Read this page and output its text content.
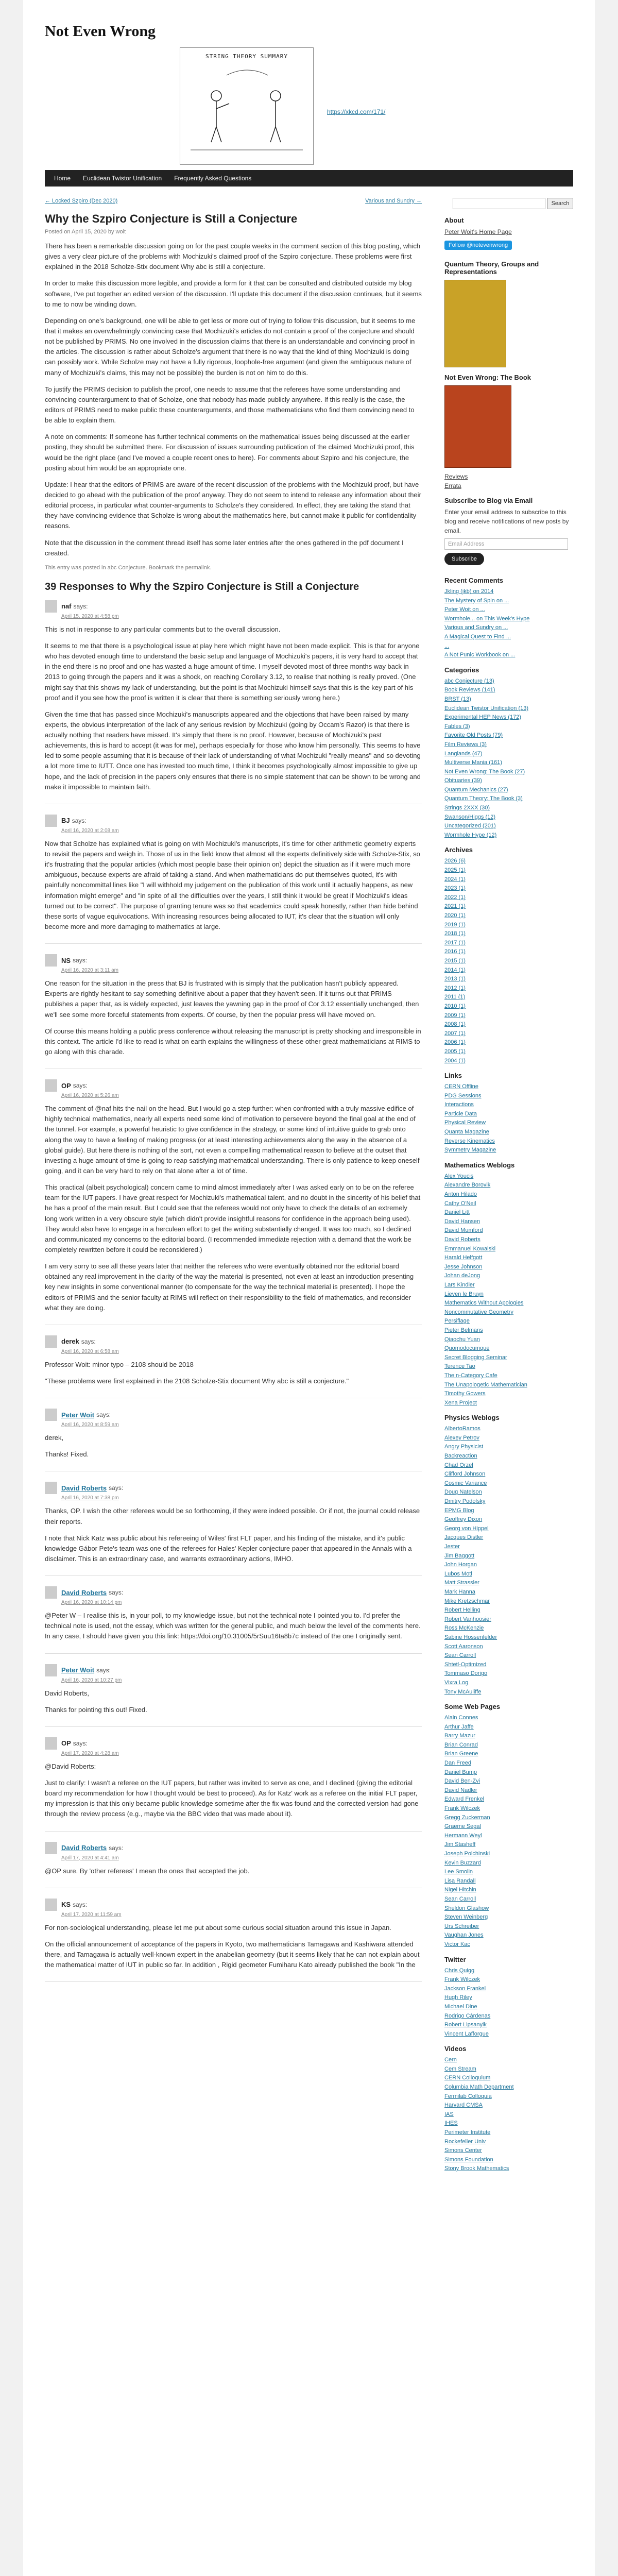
Not Even Wrong
STRING THEORY SUMMARY
https://xkcd.com/171/
Home	Euclidean Twistor Unification	Frequently Asked Questions
← Locked Szpiro (Dec 2020)	Various and Sundry →
Why the Szpiro Conjecture is Still a Conjecture
Posted on April 15, 2020 by woit

There has been a remarkable discussion going on for the past couple weeks in the comment section of this blog posting, which gives a very clear picture of the problems with Mochizuki's claimed proof of the Szpiro conjecture. These problems were first explained in the 2018 Scholze-Stix document Why abc is still a conjecture.

In order to make this discussion more legible, and provide a form for it that can be consulted and distributed outside my blog software, I've put together an edited version of the discussion. I'll update this document if the discussion continues, but it seems to me to now be winding down.

Depending on one's background, one will be able to get less or more out of trying to follow this discussion, but it seems to me that it makes an overwhelmingly convincing case that Mochizuki's articles do not contain a proof of the conjecture and should not be published by PRIMS. No one involved in the discussion claims that there is an understandable and convincing proof in the articles. The discussion is rather about Scholze's argument that there is no way that the kind of thing Mochizuki is doing can possibly work. While Scholze may not have a fully rigorous, loophole-free argument (and given the ambiguous nature of many of Mochizuki's claims, this may not be possible) the burden is not on him to do this.

To justify the PRIMS decision to publish the proof, one needs to assume that the referees have some understanding and convincing counterargument to that of Scholze, one that nobody has made publicly anywhere. If this really is the case, the editors of PRIMS need to make public these counterarguments, and those mathematicians who find them convincing need to be able to explain them.

A note on comments: If someone has further technical comments on the mathematical issues being discussed at the earlier posting, they should be submitted there. For discussion of issues surrounding publication of the claimed Mochizuki proof, this would be the right place (and I've moved a couple recent ones to here). For comments about Szpiro and his conjecture, the posting about him would be an appropriate one.

Update: I hear that the editors of PRIMS are aware of the recent discussion of the problems with the Mochizuki proof, but have decided to go ahead with the publication of the proof anyway. They do not seem to intend to release any information about their editorial process, in particular what counter-arguments to Scholze's they considered. In effect, they are taking the stand that they have convincing evidence that Scholze is wrong about the mathematics here, but cannot make it public for confidentiality reasons.

Note that the discussion in the comment thread itself has some later entries after the ones gathered in the pdf document I created.

This entry was posted in abc Conjecture. Bookmark the permalink.
39 Responses to Why the Szpiro Conjecture is Still a Conjecture
naf says:
April 15, 2020 at 4:58 pm

This is not in response to any particular comments but to the overall discussion.

It seems to me that there is a psychological issue at play here which might have not been made explicit. This is that for anyone who has devoted enough time to understand the basic setup and language of Mochizuki's papers, it is very hard to accept that in the end there is no proof and one has wasted a huge amount of time. I myself devoted most of three months way back in 2013 to going through the papers and it was a shock, on reaching Corollary 3.12, to realise that nothing is really proved. (One might say that this shows my lack of understanding, but the point is that Mochizuki himself says that this is the key part of his proof and if you see how the proof is written it is clear that there is something seriously wrong here.)

Given the time that has passed since Mochizuki's manuscripts appeared and the objections that have been raised by many experts, the obvious interpretation of the lack of any serious revision by Mochizuki (going by Occam's Razor) is that there is actually nothing that readers have missed. It's simply that there is no proof. However, because of Mochizuki's past achievements, this is hard to accept (it was for me), perhaps especially for those who know him personally. This seems to have led to some people assuming that it is because of their lack of understanding of what Mochizuki "really means" and so devoting a lot more time to IUTT. Once one has invested too much time, I think it becomes psychologically almost impossible to give up hope, and the lack of precision in the papers only ensures that there is no simple statement that can be shown to be wrong and make it impossible to maintain faith.

BJ says:
April 16, 2020 at 2:08 am

Now that Scholze has explained what is going on with Mochizuki's manuscripts, it's time for other arithmetic geometry experts to revisit the papers and weigh in. Those of us in the field know that almost all the experts definitively side with Scholze-Stix, so it's frustrating that the popular articles (which most people base their opinion on) depict the situation as if it were much more ambiguous, because experts are afraid of taking a stand. And when mathematicians do put themselves quoted, it's with painfully noncommittal lines like "I will withhold my judgement on the publication of this work until it actually happens, as new information might emerge" and "in spite of all the difficulties over the years, I still think it would be great if Mochizuki's ideas turned out to be correct". The purpose of granting tenure was so that academics could speak honestly, rather than hide behind these sorts of vague equivocations. With increasing resources being allocated to IUT, it's clear that the situation will only become more and more damaging to mathematics at large.

NS says:
April 16, 2020 at 3:11 am

One reason for the situation in the press that BJ is frustrated with is simply that the publication hasn't publicly appeared. Experts are rightly hesitant to say something definitive about a paper that they haven't seen. If it turns out that PRIMS publishes a paper that, as is widely expected, just leaves the yawning gap in the proof of Cor 3.12 essentially unchanged, then we'll see some more forceful statements from experts. Of course, by then the popular press will have moved on.

Of course this means holding a public press conference without releasing the manuscript is pretty shocking and irresponsible in this context. The article I'd like to read is what on earth explains the willingness of these other great mathematicians at RIMS to go along with this charade.

OP says:
April 16, 2020 at 5:26 am

The comment of @naf hits the nail on the head. But I would go a step further: when confronted with a truly massive edifice of highly technical mathematics, nearly all experts need some kind of motivation to persevere beyond the final goal at the end of the tunnel. For example, a powerful heuristic to give confidence in the strategy, or some kind of intuitive guide to grab onto along the way to have a feeling of making progress (or at least interesting achievements along the way in the absence of a global guide). But here there is nothing of the sort, not even a compelling mathematical reason to believe at the outset that investing a huge amount of time is going to reap satisfying mathematical understanding. There is only patience to keep oneself going, and it can be very hard to rely on that alone after a lot of time.

This practical (albeit psychological) concern came to mind almost immediately after I was asked early on to be on the referee team for the IUT papers. I have great respect for Mochizuki's mathematical talent, and no doubt in the sincerity of his belief that he has a proof of the main result. But I could see that the referees would not only have to check the details of an extremely long work written in a very obscure style (which didn't provide insightful reasons for confidence in the approach being used). They would also have to engage in a herculean effort to get the writing substantially changed. It was too much, so I declined and communicated my concerns to the editorial board. (I recommended immediate rejection with a demand that the work be completely rewritten before it could be reconsidered.)

I am very sorry to see all these years later that neither the referees who were eventually obtained nor the editorial board obtained any real improvement in the clarity of the way the material is presented, not even at least an introduction presenting key new insights in some conventional manner (to compensate for the way the technical material is presented). I hope the editors of PRIMS and the senior faculty at RIMS will reflect on their responsibility to the field of mathematics, and reconsider what they are doing.

derek says:
April 16, 2020 at 6:58 am

Professor Woit: minor typo – 2108 should be 2018

"These problems were first explained in the 2108 Scholze-Stix document Why abc is still a conjecture."

Peter Woit says:
April 16, 2020 at 8:59 am

derek,

Thanks! Fixed.

David Roberts says:
April 16, 2020 at 7:38 pm

Thanks, OP. I wish the other referees would be so forthcoming, if they were indeed possible. Or if not, the journal could release their reports.

I note that Nick Katz was public about his refereeing of Wiles' first FLT paper, and his finding of the mistake, and it's public knowledge Gábor Pete's team was one of the referees for Hales' Kepler conjecture paper that appeared in the Annals with a disclaimer. This is an extraordinary case, and warrants extraordinary actions, IMHO.

David Roberts says:
April 16, 2020 at 10:14 pm

@Peter W – I realise this is, in your poll, to my knowledge issue, but not the technical note I pointed you to. I'd prefer the technical note is used, not the essay, which was written for the general public, and much below the level of the comments here. In any case, I should have given you this link: https://doi.org/10.31005/5rSuu16ta8b7c instead of the one I originally sent.

Peter Woit says:
April 16, 2020 at 10:27 pm

David Roberts,

Thanks for pointing this out! Fixed.

OP says:
April 17, 2020 at 4:28 am

@David Roberts:

Just to clarify: I wasn't a referee on the IUT papers, but rather was invited to serve as one, and I declined (giving the editorial board my recommendation for how I thought would be best to proceed). As for Katz' work as a referee on the initial FLT paper, my impression is that this only became public knowledge sometime after the fix was found and the corrected version had gone through the review process (e.g., maybe via the BBC video that was made about it).

David Roberts says:
April 17, 2020 at 4:41 am

@OP sure. By 'other referees' I mean the ones that accepted the job.

KS says:
April 17, 2020 at 11:59 am

For non-sociological understanding, please let me put about some curious social situation around this issue in Japan.

On the official announcement of acceptance of the papers in Kyoto, two mathematicians Tamagawa and Kashiwara attended there, and Tamagawa is actually well-known expert in the anabelian geometry (but it seems likely that he can not explain about the mathematical matter of IUT in public so far. In addition , Rigid geometer Fumiharu Kato already published the book "In the

Search
About
Peter Woit's Home Page
Follow @notevenwrong
Quantum Theory, Groups and Representations
Not Even Wrong: The Book
Reviews
Errata
Subscribe to Blog via Email
Enter your email address to subscribe to this blog and receive notifications of new posts by email.
Email Address
Subscribe
Recent Comments
Jkling (jkb) on 2014
The Mystery of Spin on ...
Peter Woit on ...
Wormhole... on This Week's Hype
Various and Sundry on ...
A Magical Quest to Find ...
...
A Not Punic Workbook on ...
Categories
abc Conjecture (13)
Book Reviews (141)
BRST (13)
Euclidean Twistor Unification (13)
Experimental HEP News (172)
Fables (3)
Favorite Old Posts (79)
Film Reviews (3)
Langlands (47)
Multiverse Mania (161)
Not Even Wrong: The Book (27)
Obituaries (39)
Quantum Mechanics (27)
Quantum Theory: The Book (3)
Strings 2XXX (30)
Swanson/Higgs (12)
Uncategorized (201)
Wormhole Hype (12)
Archives
2026 (6)
2025 (1)
2024 (1)
2023 (1)
2022 (1)
2021 (1)
2020 (1)
2019 (1)
2018 (1)
2017 (1)
2016 (1)
2015 (1)
2014 (1)
2013 (1)
2012 (1)
2011 (1)
2010 (1)
2009 (1)
2008 (1)
2007 (1)
2006 (1)
2005 (1)
2004 (1)
Links
CERN Offline
PDG Sessions
Interactions
Particle Data
Physical Review
Quanta Magazine
Reverse Kinematics
Symmetry Magazine
Mathematics Weblogs
Alex Youcis
Alexandre Borovik
Anton Hilado
Cathy O'Neil
Daniel Litt
David Hansen
David Mumford
David Roberts
Emmanuel Kowalski
Harald Helfgott
Jesse Johnson
Johan deJong
Lars Kindler
Lieven le Bruyn
Mathematics Without Apologies
Noncommutative Geometry
Persiflage
Pieter Belmans
Qiaochu Yuan
Quomodocumque
Secret Blogging Seminar
Terence Tao
The n-Category Cafe
The Unapologetic Mathematician
Timothy Gowers
Xena Project
Physics Weblogs
AlbertoRamos
Alexey Petrov
Angry Physicist
Backreaction
Chad Orzel
Clifford Johnson
Cosmic Variance
Doug Natelson
Dmitry Podolsky
EPMG Blog
Geoffrey Dixon
Georg von Hippel
Jacques Distler
Jester
Jim Baggott
John Horgan
Lubos Motl
Matt Strassler
Mark Hanna
Mike Kretzschmar
Robert Helling
Robert Vanhoosier
Ross McKenzie
Sabine Hossenfelder
Scott Aaronson
Sean Carroll
Shtetl-Optimized
Tommaso Dorigo
Vixra Log
Tony McAuliffe
Some Web Pages
Alain Connes
Arthur Jaffe
Barry Mazur
Brian Conrad
Brian Greene
Dan Freed
Daniel Bump
David Ben-Zvi
David Nadler
Edward Frenkel
Frank Wilczek
Gregg Zuckerman
Graeme Segal
Hermann Weyl
Jim Stasheff
Joseph Polchinski
Kevin Buzzard
Lee Smolin
Lisa Randall
Nigel Hitchin
Sean Carroll
Sheldon Glashow
Steven Weinberg
Urs Schreiber
Vaughan Jones
Victor Kac
Twitter
Chris Quigg
Frank Wilczek
Jackson Frankel
Hugh Riley
Michael Dine
Rodrigo Cárdenas
Robert Lipsanyik
Vincent Lafforgue
Videos
Cern
Cem Stream
CERN Colloquium
Columbia Math Department
Fermilab Colloquia
Harvard CMSA
IAS
IHES
Perimeter Institute
Rockefeller Univ
Simons Center
Simons Foundation
Stony Brook Mathematics
